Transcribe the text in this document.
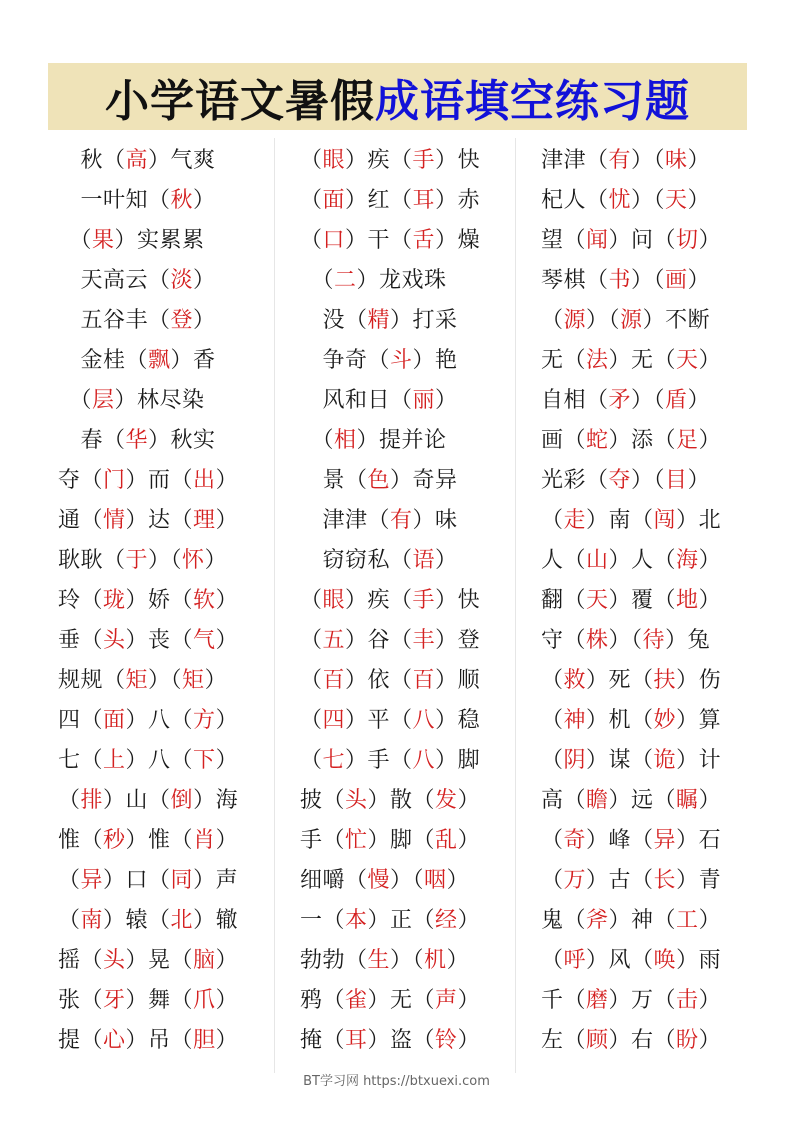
小学语文暑假 成语填空练习题
　秋（高）气爽
　一叶知（秋）
　（果）实累累
　天高云（淡）
　五谷丰（登）
　金桂（飘）香
　（层）林尽染
　春（华）秋实
夺（门）而（出）
通（情）达（理）
耿耿（于）（怀）
玲（珑）娇（软）
垂（头）丧（气）
规规（矩）（矩）
四（面）八（方）
七（上）八（下）
（排）山（倒）海
惟（秒）惟（肖）
（异）口（同）声
（南）辕（北）辙
摇（头）晃（脑）
张（牙）舞（爪）
提（心）吊（胆）
（眼）疾（手）快
（面）红（耳）赤
（口）干（舌）燥
　（二）龙戏珠
　没（精）打采
　争奇（斗）艳
　风和日（丽）
　（相）提并论
　景（色）奇异
　津津（有）味
　窃窃私（语）
（眼）疾（手）快
（五）谷（丰）登
（百）依（百）顺
（四）平（八）稳
（七）手（八）脚
披（头）散（发）
手（忙）脚（乱）
细嚼（慢）（咽）
一（本）正（经）
勃勃（生）（机）
鸦（雀）无（声）
掩（耳）盗（铃）
津津（有）（味）
杞人（忧）（天）
望（闻）问（切）
琴棋（书）（画）
（源）（源）不断
无（法）无（天）
自相（矛）（盾）
画（蛇）添（足）
光彩（夺）（目）
（走）南（闯）北
人（山）人（海）
翻（天）覆（地）
守（株）（待）兔
（救）死（扶）伤
（神）机（妙）算
（阴）谋（诡）计
高（瞻）远（瞩）
（奇）峰（异）石
（万）古（长）青
鬼（斧）神（工）
（呼）风（唤）雨
千（磨）万（击）
左（顾）右（盼）
BT学习网 https://btxuexi.com
